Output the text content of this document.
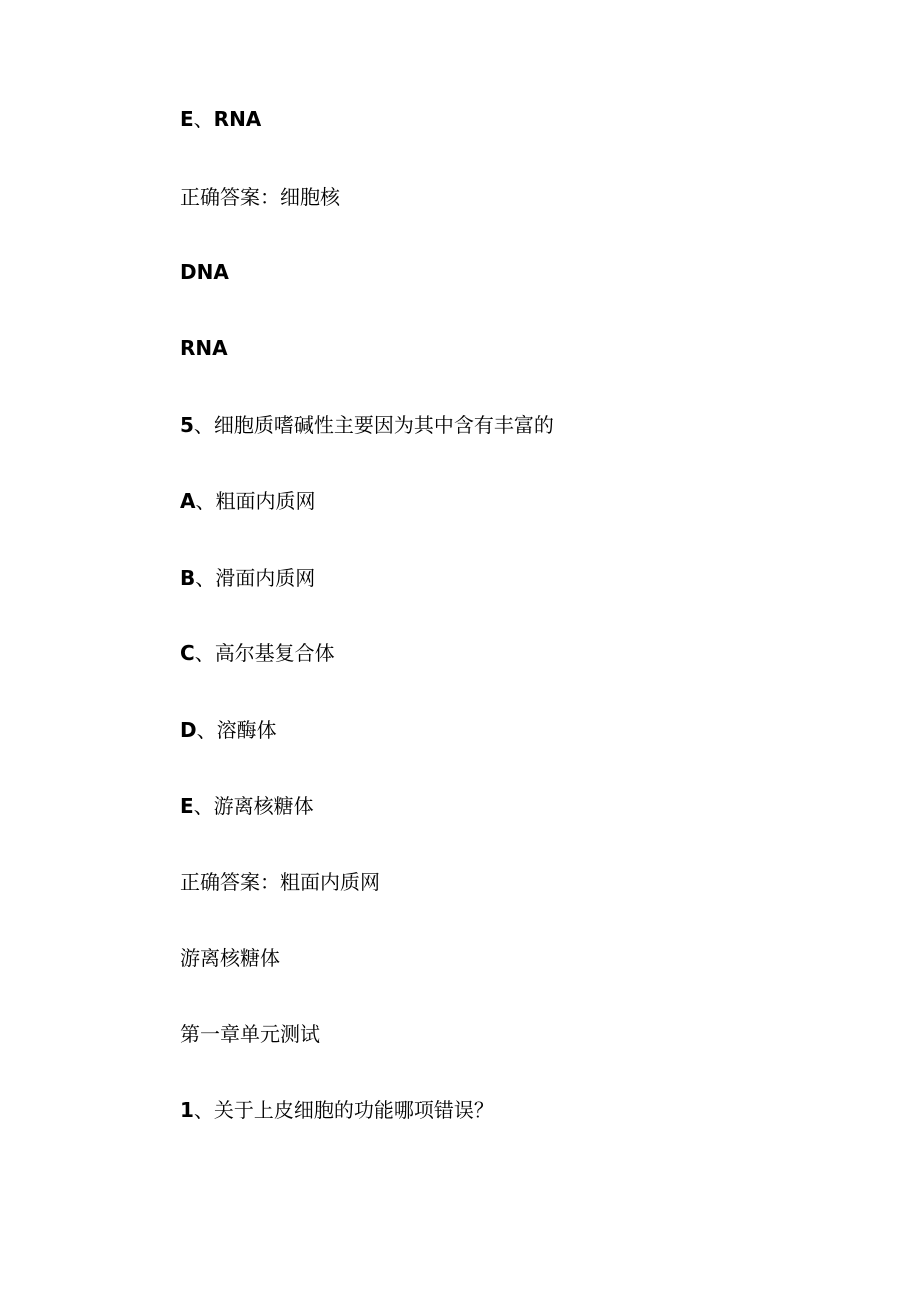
E、RNA
正确答案：细胞核
DNA
RNA
5、细胞质嗜碱性主要因为其中含有丰富的
A、粗面内质网
B、滑面内质网
C、高尔基复合体
D、溶酶体
E、游离核糖体
正确答案：粗面内质网
游离核糖体
第一章单元测试
1、关于上皮细胞的功能哪项错误？
